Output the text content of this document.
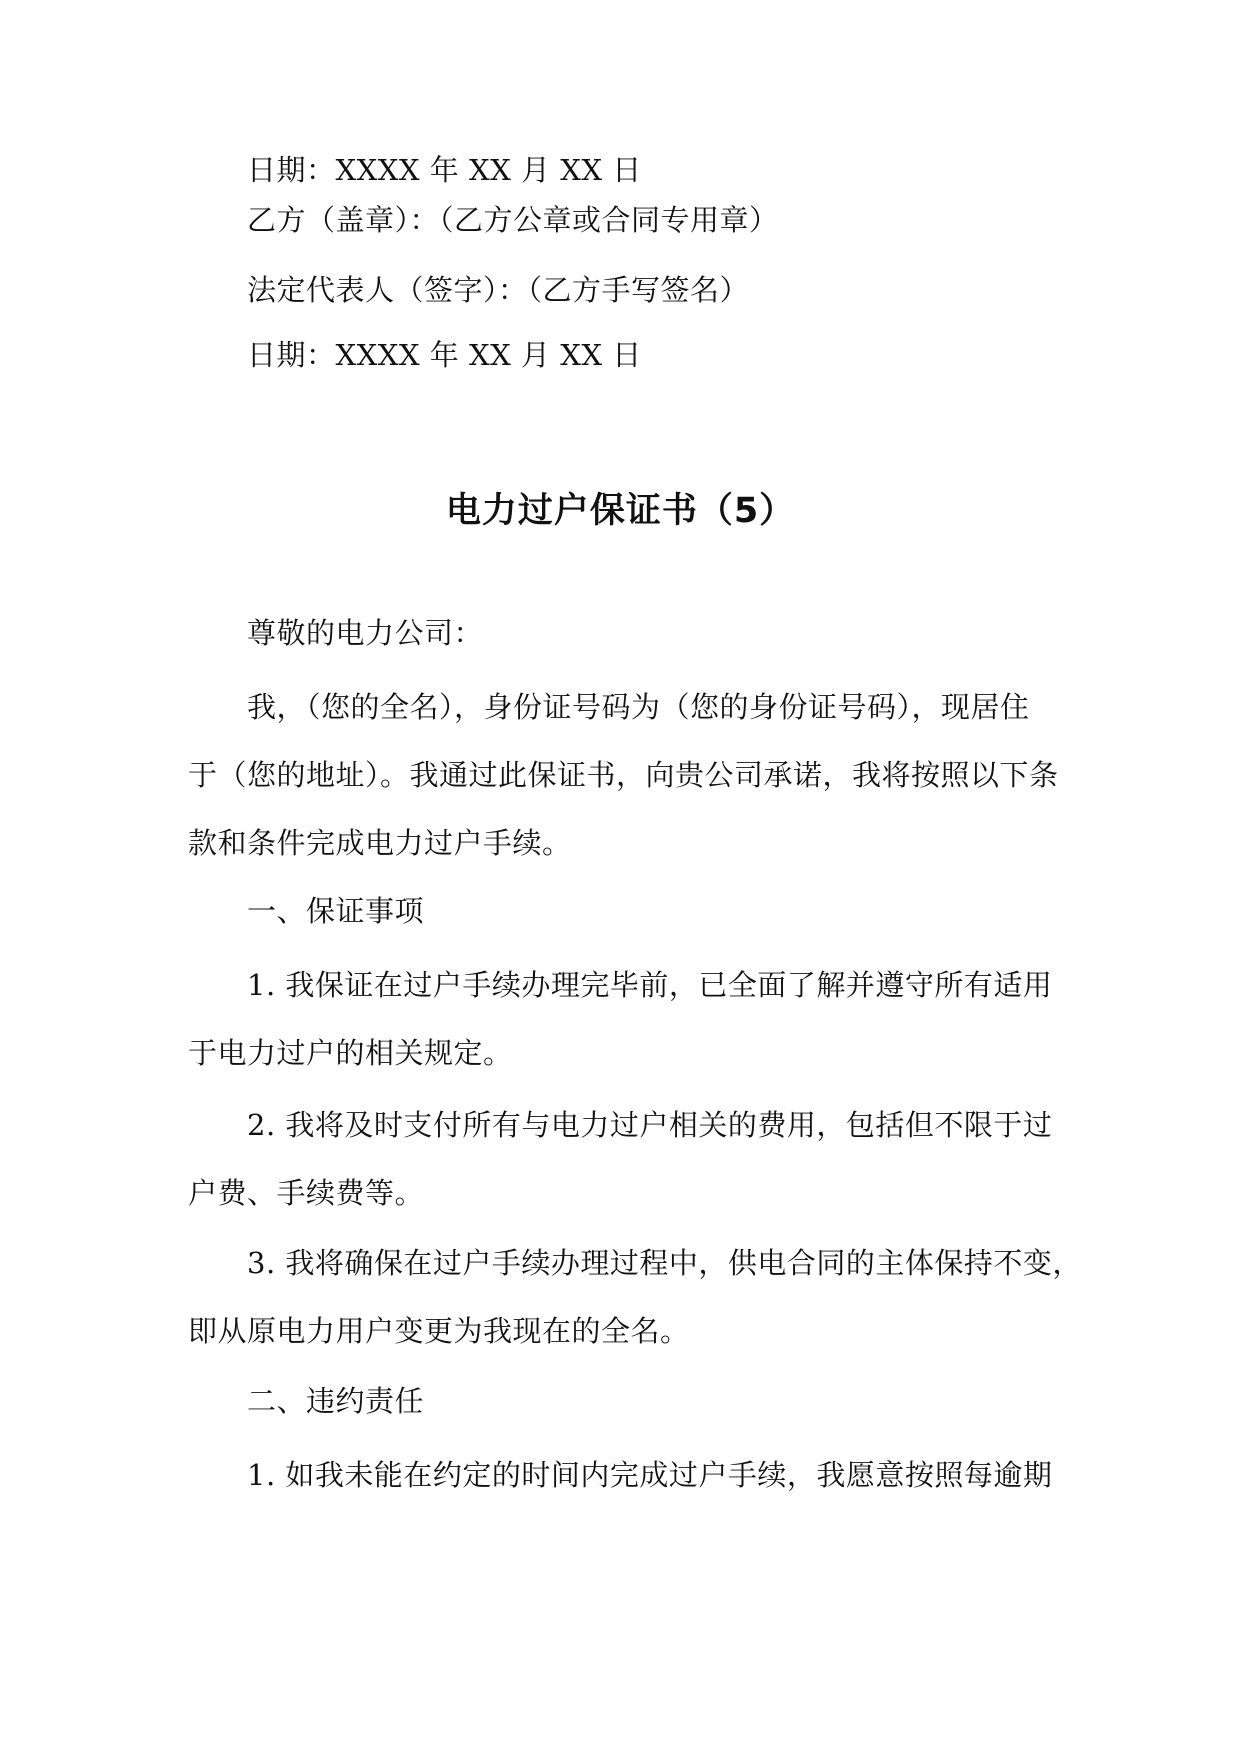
日期：XXXX 年 XX 月 XX 日
乙方（盖章）：（乙方公章或合同专用章）
法定代表人（签字）：（乙方手写签名）
日期：XXXX 年 XX 月 XX 日
电力过户保证书（5）
尊敬的电力公司：
我，（您的全名），身份证号码为（您的身份证号码），现居住
于（您的地址）。我通过此保证书，向贵公司承诺，我将按照以下条
款和条件完成电力过户手续。
一、保证事项
1. 我保证在过户手续办理完毕前，已全面了解并遵守所有适用
于电力过户的相关规定。
2. 我将及时支付所有与电力过户相关的费用，包括但不限于过
户费、手续费等。
3. 我将确保在过户手续办理过程中，供电合同的主体保持不变，
即从原电力用户变更为我现在的全名。
二、违约责任
1. 如我未能在约定的时间内完成过户手续，我愿意按照每逾期
